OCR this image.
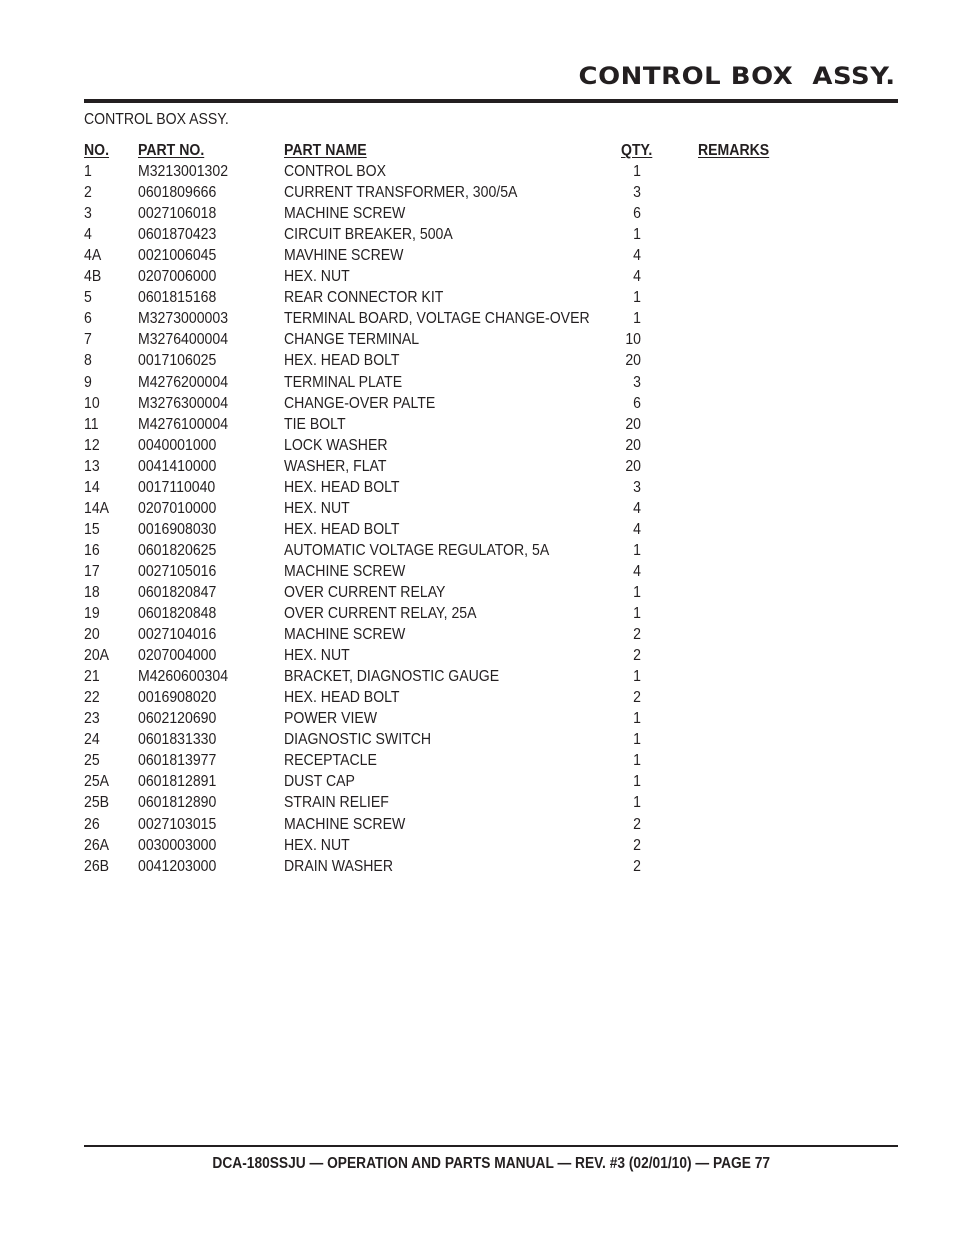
CONTROL BOX  ASSY.
CONTROL BOX ASSY.
NO. PART NO.	PART NAME	QTY.	REMARKS
1	M3213001302	CONTROL BOX	1
2	0601809666	CURRENT TRANSFORMER, 300/5A	3
3	0027106018	MACHINE SCREW	6
4	0601870423	CIRCUIT BREAKER, 500A	1
4A 0021006045	MAVHINE SCREW	4
4B 0207006000	HEX. NUT	4
5	0601815168	REAR CONNECTOR KIT	1
6	M3273000003	TERMINAL BOARD, VOLTAGE CHANGE-OVER	1
7	M3276400004	CHANGE TERMINAL	10
8	0017106025	HEX. HEAD BOLT	20
9	M4276200004	TERMINAL PLATE	3
10 M3276300004	CHANGE-OVER PALTE	6
11 M4276100004	TIE BOLT	20
12 0040001000	LOCK WASHER	20
13 0041410000	WASHER, FLAT	20
14 0017110040	HEX. HEAD BOLT	3
14A 0207010000	HEX. NUT	4
15 0016908030	HEX. HEAD BOLT	4
16 0601820625	AUTOMATIC VOLTAGE REGULATOR, 5A	1
17 0027105016	MACHINE SCREW	4
18 0601820847	OVER CURRENT RELAY	1
19 0601820848	OVER CURRENT RELAY, 25A	1
20 0027104016	MACHINE SCREW	2
20A 0207004000	HEX. NUT	2
21 M4260600304	BRACKET, DIAGNOSTIC GAUGE	1
22 0016908020	HEX. HEAD BOLT	2
23 0602120690	POWER VIEW	1
24 0601831330	DIAGNOSTIC SWITCH	1
25 0601813977	RECEPTACLE	1
25A 0601812891	DUST CAP	1
25B 0601812890	STRAIN RELIEF	1
26 0027103015	MACHINE SCREW	2
26A 0030003000	HEX. NUT	2
26B 0041203000	DRAIN WASHER	2
DCA-180SSJU — OPERATION AND PARTS MANUAL — REV. #3 (02/01/10) — PAGE 77
